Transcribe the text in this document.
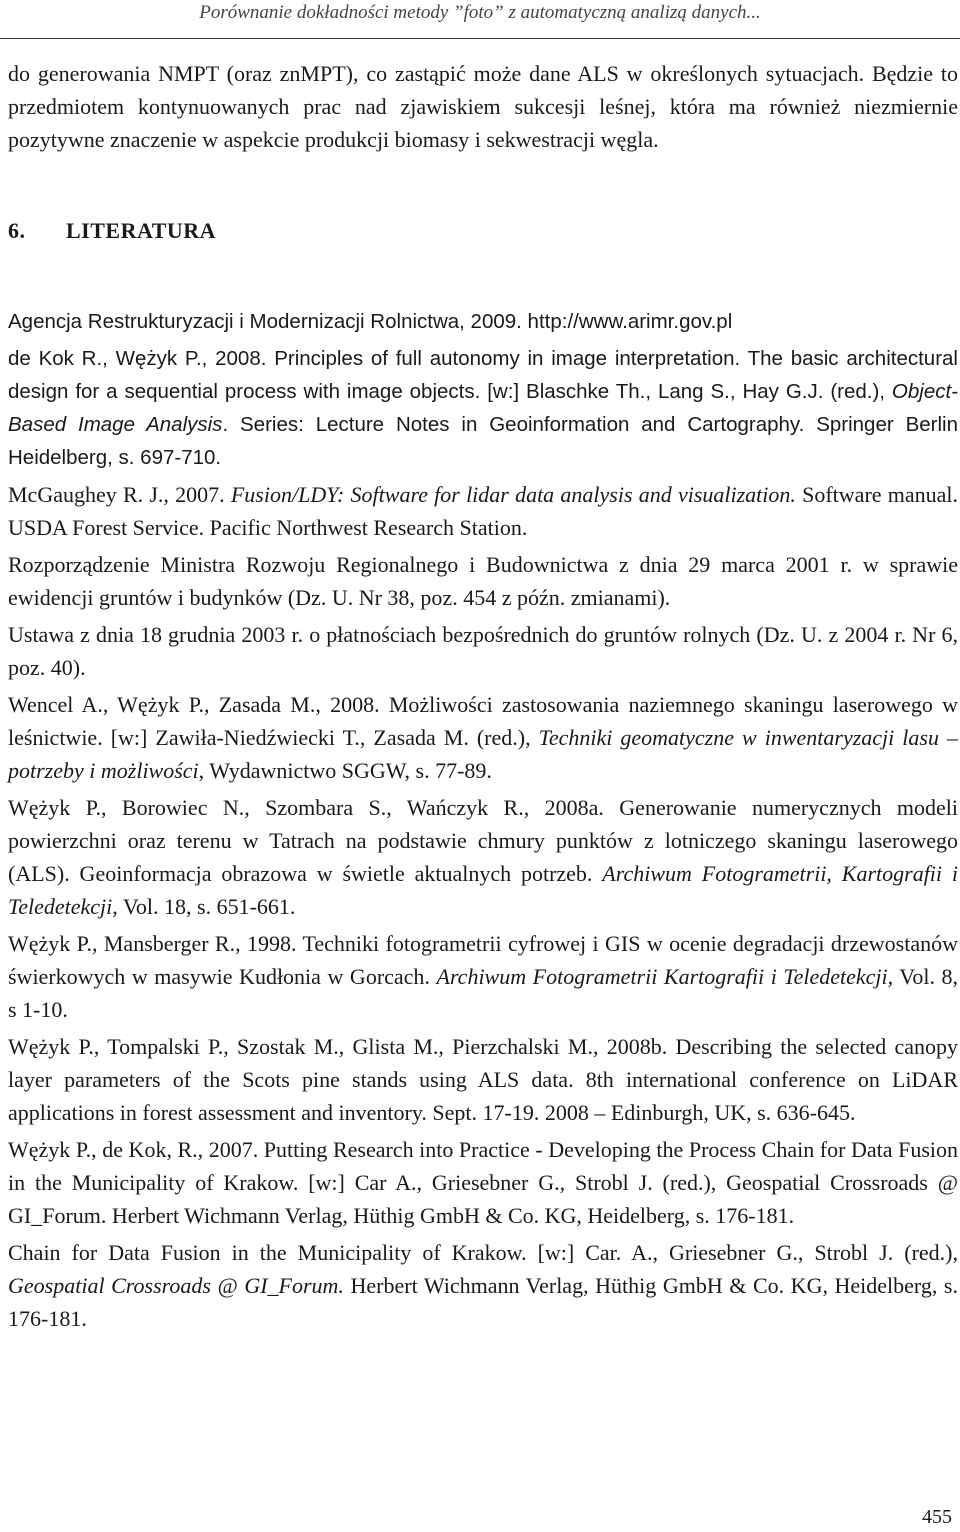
Porównanie dokładności metody ”foto” z automatyczną analizą danych...

do generowania NMPT (oraz znMPT), co zastąpić może dane ALS w określonych sytuacjach. Będzie to przedmiotem kontynuowanych prac nad zjawiskiem sukcesji leśnej, która ma również niezmiernie pozytywne znaczenie w aspekcie produkcji biomasy i sekwestracji węgla.

6. LITERATURA

Agencja Restrukturyzacji i Modernizacji Rolnictwa, 2009. http://www.arimr.gov.pl

de Kok R., Wężyk P., 2008. Principles of full autonomy in image interpretation. The basic architectural design for a sequential process with image objects. [w:] Blaschke Th., Lang S., Hay G.J. (red.), Object-Based Image Analysis. Series: Lecture Notes in Geoinformation and Cartography. Springer Berlin Heidelberg, s. 697-710.

McGaughey R. J., 2007. Fusion/LDY: Software for lidar data analysis and visualization. Software manual. USDA Forest Service. Pacific Northwest Research Station.

Rozporządzenie Ministra Rozwoju Regionalnego i Budownictwa z dnia 29 marca 2001 r. w sprawie ewidencji gruntów i budynków (Dz. U. Nr 38, poz. 454 z późn. zmianami).

Ustawa z dnia 18 grudnia 2003 r. o płatnościach bezpośrednich do gruntów rolnych (Dz. U. z 2004 r. Nr 6, poz. 40).

Wencel A., Wężyk P., Zasada M., 2008. Możliwości zastosowania naziemnego skaningu laserowego w leśnictwie. [w:] Zawiła-Niedźwiecki T., Zasada M. (red.), Techniki geomatyczne w inwentaryzacji lasu – potrzeby i możliwości, Wydawnictwo SGGW, s. 77-89.

Wężyk P., Borowiec N., Szombara S., Wańczyk R., 2008a. Generowanie numerycznych modeli powierzchni oraz terenu w Tatrach na podstawie chmury punktów z lotniczego skaningu laserowego (ALS). Geoinformacja obrazowa w świetle aktualnych potrzeb. Archiwum Fotogrametrii, Kartografii i Teledetekcji, Vol. 18, s. 651-661.

Wężyk P., Mansberger R., 1998. Techniki fotogrametrii cyfrowej i GIS w ocenie degradacji drzewostanów świerkowych w masywie Kudłonia w Gorcach. Archiwum Fotogrametrii Kartografii i Teledetekcji, Vol. 8, s 1-10.

Wężyk P., Tompalski P., Szostak M., Glista M., Pierzchalski M., 2008b. Describing the selected canopy layer parameters of the Scots pine stands using ALS data. 8th international conference on LiDAR applications in forest assessment and inventory. Sept. 17-19. 2008 – Edinburgh, UK, s. 636-645.

Wężyk P., de Kok, R., 2007. Putting Research into Practice - Developing the Process Chain for Data Fusion in the Municipality of Krakow. [w:] Car A., Griesebner G., Strobl J. (red.), Geospatial Crossroads @ GI_Forum. Herbert Wichmann Verlag, Hüthig GmbH & Co. KG, Heidelberg, s. 176-181.

Chain for Data Fusion in the Municipality of Krakow. [w:] Car. A., Griesebner G., Strobl J. (red.), Geospatial Crossroads @ GI_Forum. Herbert Wichmann Verlag, Hüthig GmbH & Co. KG, Heidelberg, s. 176-181.

455
